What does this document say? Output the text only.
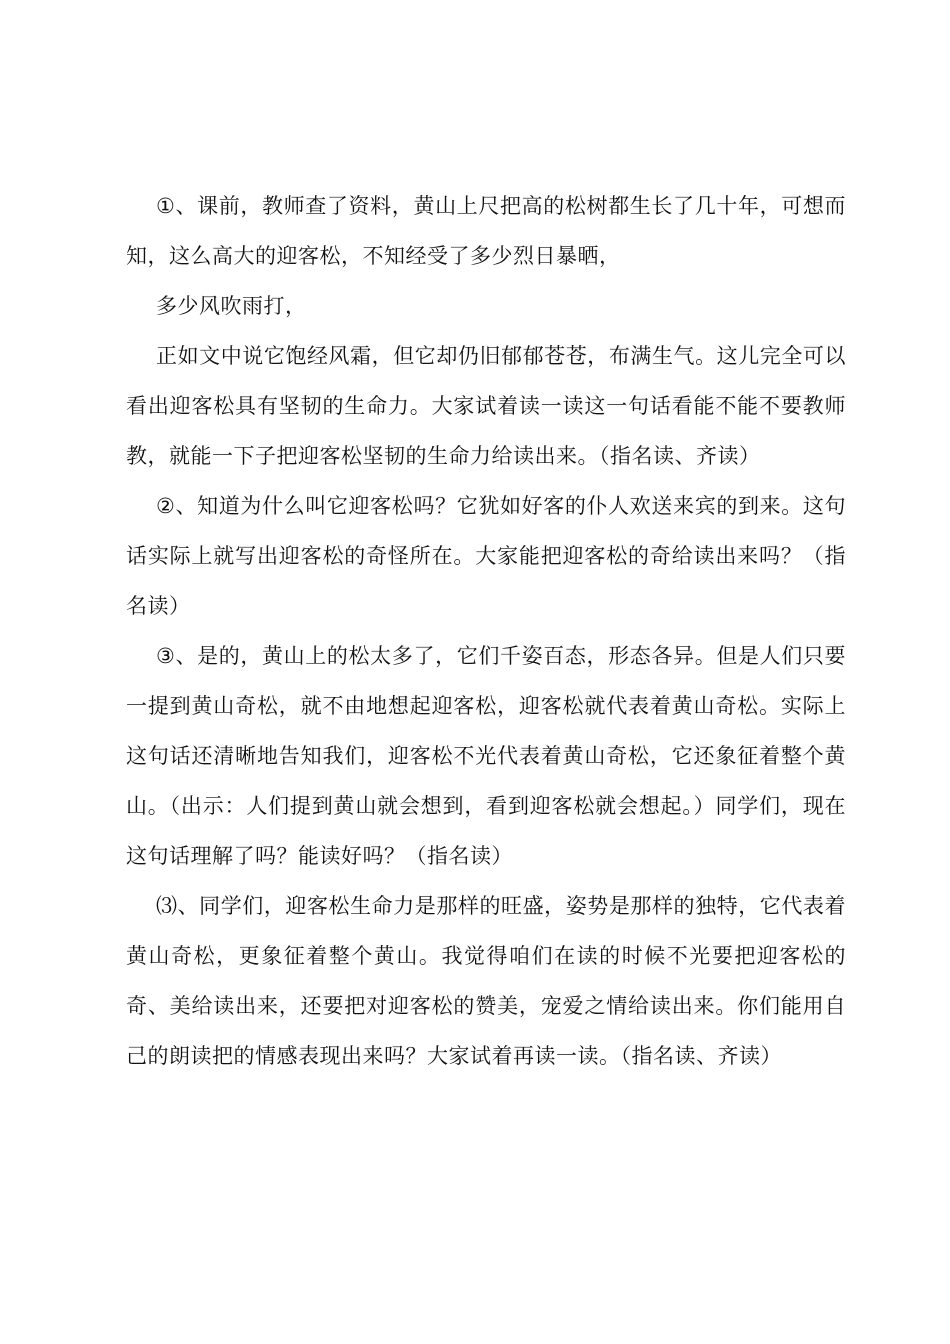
①、课前，教师查了资料，黄山上尺把高的松树都生长了几十年，可想而知，这么高大的迎客松，不知经受了多少烈日暴晒，

多少风吹雨打，

正如文中说它饱经风霜，但它却仍旧郁郁苍苍，布满生气。这儿完全可以看出迎客松具有坚韧的生命力。大家试着读一读这一句话看能不能不要教师教，就能一下子把迎客松坚韧的生命力给读出来。（指名读、齐读）

②、知道为什么叫它迎客松吗？它犹如好客的仆人欢送来宾的到来。这句话实际上就写出迎客松的奇怪所在。大家能把迎客松的奇给读出来吗？（指名读）

③、是的，黄山上的松太多了，它们千姿百态，形态各异。但是人们只要一提到黄山奇松，就不由地想起迎客松，迎客松就代表着黄山奇松。实际上这句话还清晰地告知我们，迎客松不光代表着黄山奇松，它还象征着整个黄山。（出示：人们提到黄山就会想到，看到迎客松就会想起。）同学们，现在这句话理解了吗？能读好吗？（指名读）

⑶、同学们，迎客松生命力是那样的旺盛，姿势是那样的独特，它代表着黄山奇松，更象征着整个黄山。我觉得咱们在读的时候不光要把迎客松的奇、美给读出来，还要把对迎客松的赞美，宠爱之情给读出来。你们能用自己的朗读把的情感表现出来吗？大家试着再读一读。（指名读、齐读）
